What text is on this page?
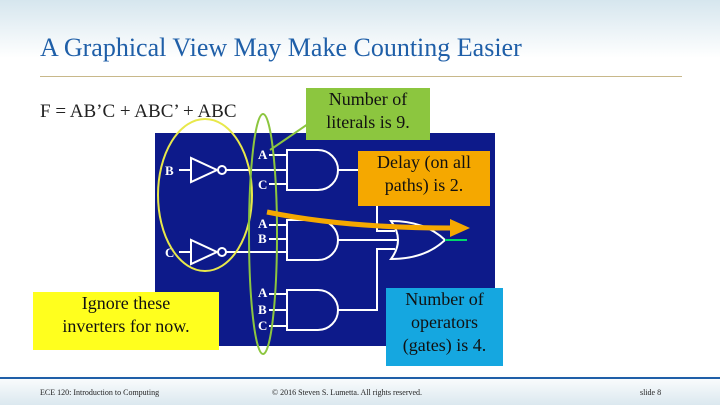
A Graphical View May Make Counting Easier
F = AB’C + ABC’ + ABC
B
C
A
C
A
B
A
B
C
Number of
literals is 9.
Delay (on all
paths) is 2.
Number of
operators
(gates) is 4.
Ignore these
inverters for now.
ECE 120: Introduction to Computing	© 2016 Steven S. Lumetta. All rights reserved.	slide 8
